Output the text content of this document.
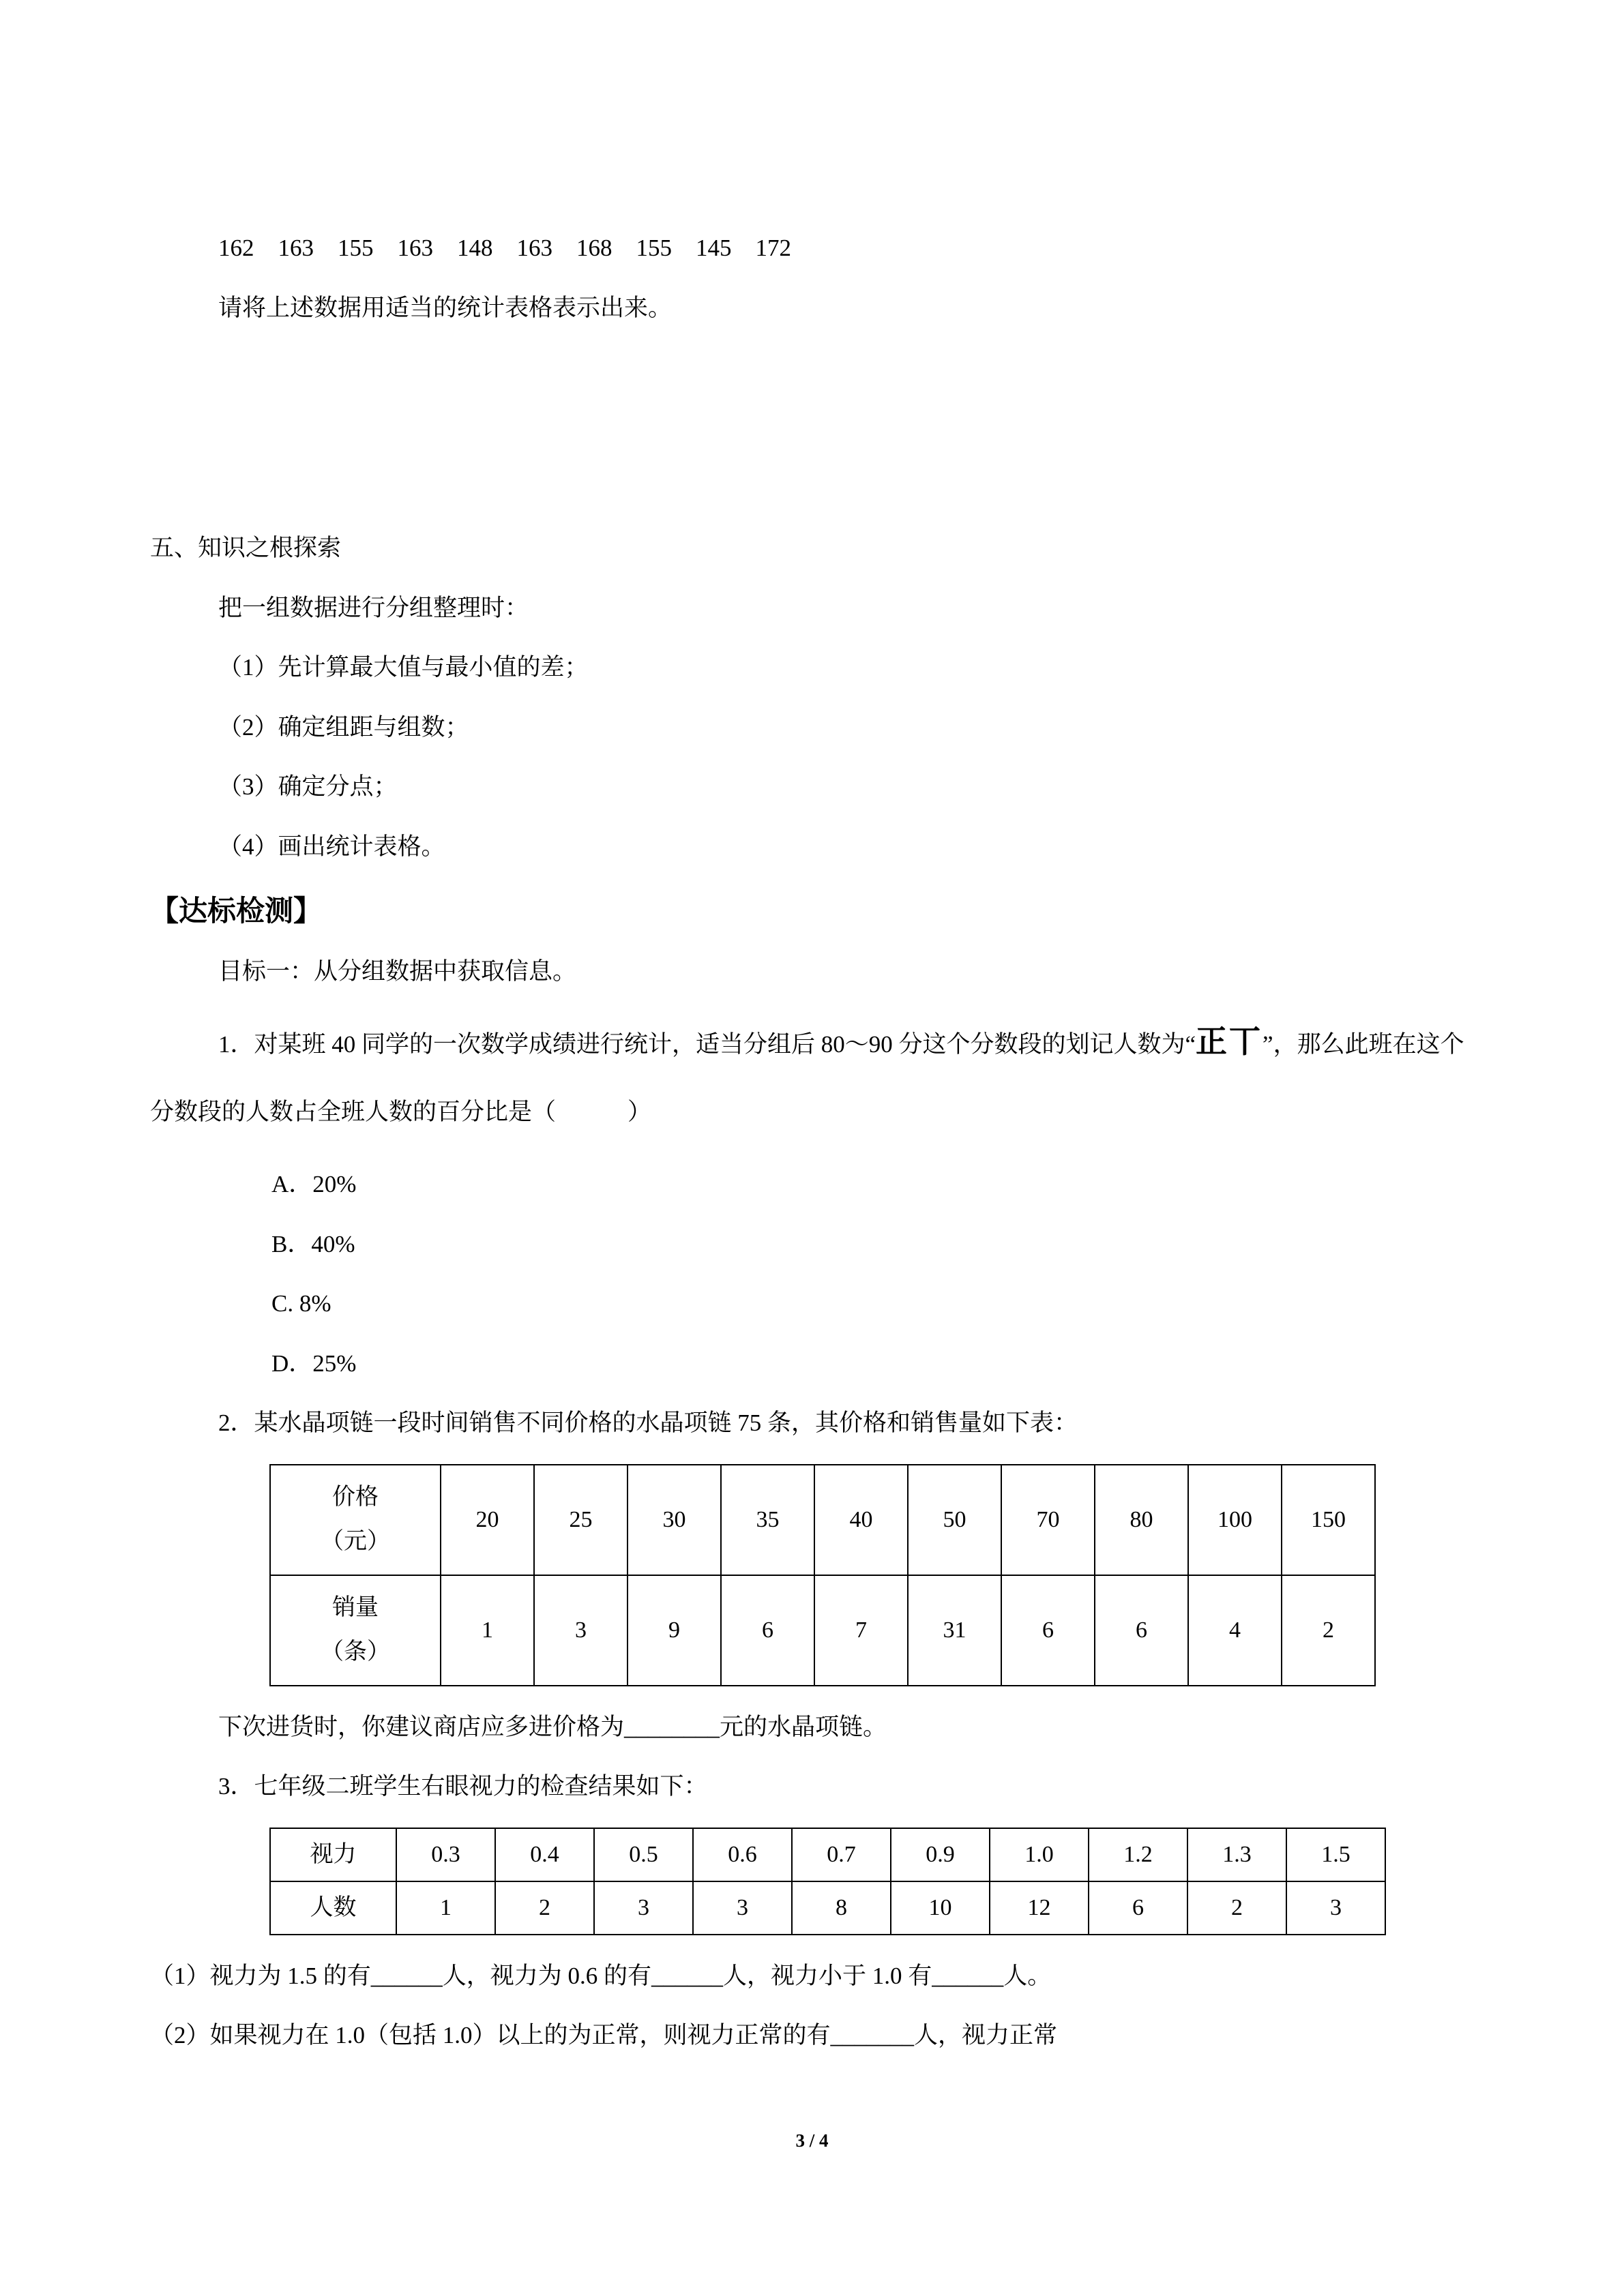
162    163    155    163    148    163    168    155    145    172

请将上述数据用适当的统计表格表示出来。

五、知识之根探索

把一组数据进行分组整理时：

（1）先计算最大值与最小值的差；

（2）确定组距与组数；

（3）确定分点；

（4）画出统计表格。

【达标检测】

目标一：从分组数据中获取信息。

1．对某班 40 同学的一次数学成绩进行统计，适当分组后 80～90 分这个分数段的划记人数为“正丅”，那么此班在这个分数段的人数占全班人数的百分比是（　　　）

A．20%

B．40%

C. 8%

D．25%

2．某水晶项链一段时间销售不同价格的水晶项链 75 条，其价格和销售量如下表：

价格
（元）	20	25	30	35	40	50	70	80	100	150

销量
（条）	1	3	9	6	7	31	6	6	4	2

下次进货时，你建议商店应多进价格为________元的水晶项链。

3．七年级二班学生右眼视力的检查结果如下：

视力	0.3	0.4	0.5	0.6	0.7	0.9	1.0	1.2	1.3	1.5
人数	1	2	3	3	8	10	12	6	2	3

（1）视力为 1.5 的有______人，视力为 0.6 的有______人，视力小于 1.0 有______人。

（2）如果视力在 1.0（包括 1.0）以上的为正常，则视力正常的有_______人，视力正常

3 / 4
